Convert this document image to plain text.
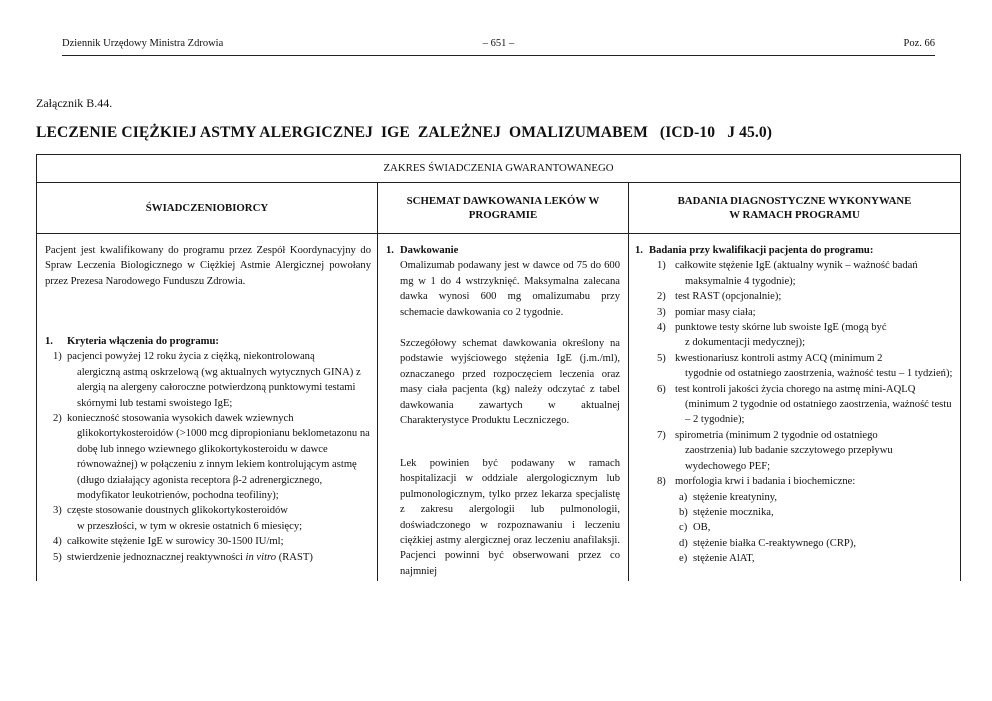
Dziennik Urzędowy Ministra Zdrowia	– 651 –	Poz. 66
Załącznik B.44.
LECZENIE CIĘŻKIEJ ASTMY ALERGICZNEJ  IGE  ZALEŻNEJ  OMALIZUMABEM   (ICD-10   J 45.0)
ZAKRES ŚWIADCZENIA GWARANTOWANEGO
ŚWIADCZENIOBIORCY
Pacjent jest kwalifikowany do programu przez Zespół Koordynacyjny do Spraw Leczenia Biologicznego w Ciężkiej Astmie Alergicznej powołany przez Prezesa Narodowego Funduszu Zdrowia.
1. Kryteria włączenia do programu:
1) pacjenci powyżej 12 roku życia z ciężką, niekontrolowaną
alergiczną astmą oskrzelową (wg aktualnych wytycznych GINA) z alergią na alergeny całoroczne potwierdzoną punktowymi testami skórnymi lub testami swoistego IgE;
2) konieczność stosowania wysokich dawek wziewnych
glikokortykosteroidów (>1000 mcg dipropionianu beklometazonu na dobę lub innego wziewnego glikokortykosteroidu w dawce równoważnej) w połączeniu z innym lekiem kontrolującym astmę (długo działający agonista receptora β-2 adrenergicznego, modyfikator leukotrienów, pochodna teofiliny);
3) częste stosowanie doustnych glikokortykosteroidów
w przeszłości, w tym w okresie ostatnich 6 miesięcy;
4) całkowite stężenie IgE w surowicy 30-1500 IU/ml;
5) stwierdzenie jednoznacznej reaktywności in vitro (RAST)
SCHEMAT DAWKOWANIA LEKÓW W
PROGRAMIE
1. Dawkowanie
Omalizumab podawany jest w dawce od 75 do 600 mg w 1 do 4 wstrzyknięć. Maksymalna zalecana dawka wynosi 600 mg omalizumabu przy schemacie dawkowania co 2 tygodnie.
Szczegółowy schemat dawkowania określony na podstawie wyjściowego stężenia IgE (j.m./ml), oznaczanego przed rozpoczęciem leczenia oraz masy ciała pacjenta (kg) należy odczytać z tabel dawkowania zawartych w aktualnej Charakterystyce Produktu Leczniczego.
Lek powinien być podawany w ramach hospitalizacji w oddziale alergologicznym lub pulmonologicznym, tylko przez lekarza specjalistę z zakresu alergologii lub pulmonologii, doświadczonego w rozpoznawaniu i leczeniu ciężkiej astmy alergicznej oraz leczeniu anafilaksji. Pacjenci powinni być obserwowani przez co najmniej
BADANIA DIAGNOSTYCZNE WYKONYWANE
W RAMACH PROGRAMU
1. Badania przy kwalifikacji pacjenta do programu:
1) całkowite stężenie IgE (aktualny wynik – ważność badań
maksymalnie 4 tygodnie);
2) test RAST (opcjonalnie);
3) pomiar masy ciała;
4) punktowe testy skórne lub swoiste IgE (mogą być
z dokumentacji medycznej);
5) kwestionariusz kontroli astmy ACQ (minimum 2
tygodnie od ostatniego zaostrzenia, ważność testu – 1 tydzień);
6) test kontroli jakości życia chorego na astmę mini-AQLQ
(minimum 2 tygodnie od ostatniego zaostrzenia, ważność testu – 2 tygodnie);
7) spirometria (minimum 2 tygodnie od ostatniego
zaostrzenia) lub badanie szczytowego przepływu wydechowego PEF;
8) morfologia krwi i badania i biochemiczne:
a) stężenie kreatyniny,
b) stężenie mocznika,
c) OB,
d) stężenie białka C-reaktywnego (CRP),
e) stężenie AlAT,
